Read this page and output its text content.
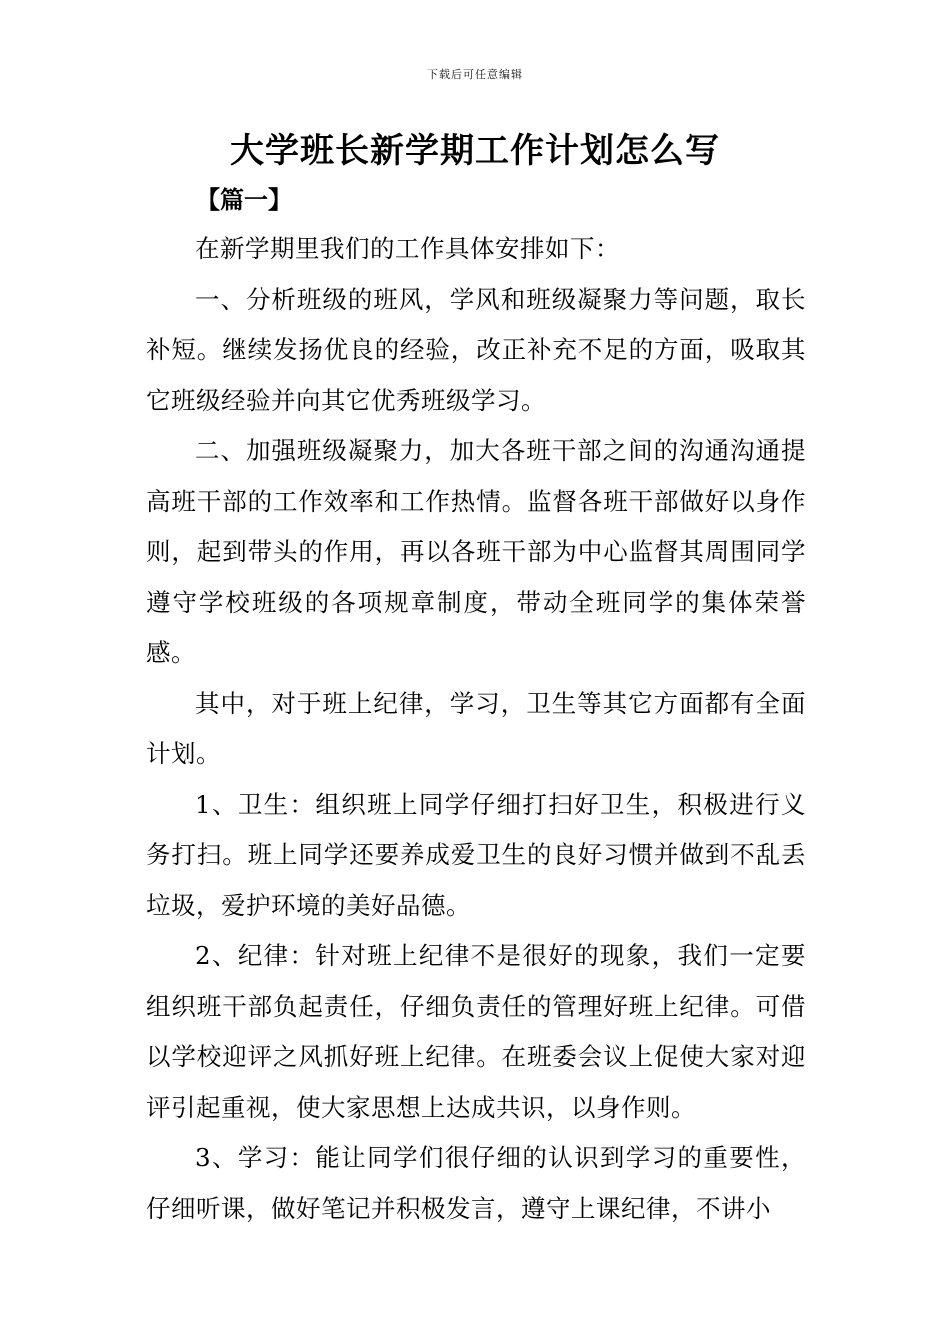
下载后可任意编辑
大学班长新学期工作计划怎么写
【篇一】

在新学期里我们的工作具体安排如下：

一、分析班级的班风，学风和班级凝聚力等问题，取长补短。继续发扬优良的经验，改正补充不足的方面，吸取其它班级经验并向其它优秀班级学习。

二、加强班级凝聚力，加大各班干部之间的沟通沟通提高班干部的工作效率和工作热情。监督各班干部做好以身作则，起到带头的作用，再以各班干部为中心监督其周围同学遵守学校班级的各项规章制度，带动全班同学的集体荣誉感。

其中，对于班上纪律，学习，卫生等其它方面都有全面计划。

1、卫生：组织班上同学仔细打扫好卫生，积极进行义务打扫。班上同学还要养成爱卫生的良好习惯并做到不乱丢垃圾，爱护环境的美好品德。

2、纪律：针对班上纪律不是很好的现象，我们一定要组织班干部负起责任，仔细负责任的管理好班上纪律。可借以学校迎评之风抓好班上纪律。在班委会议上促使大家对迎评引起重视，使大家思想上达成共识，以身作则。

3、学习：能让同学们很仔细的认识到学习的重要性，仔细听课，做好笔记并积极发言，遵守上课纪律，不讲小
